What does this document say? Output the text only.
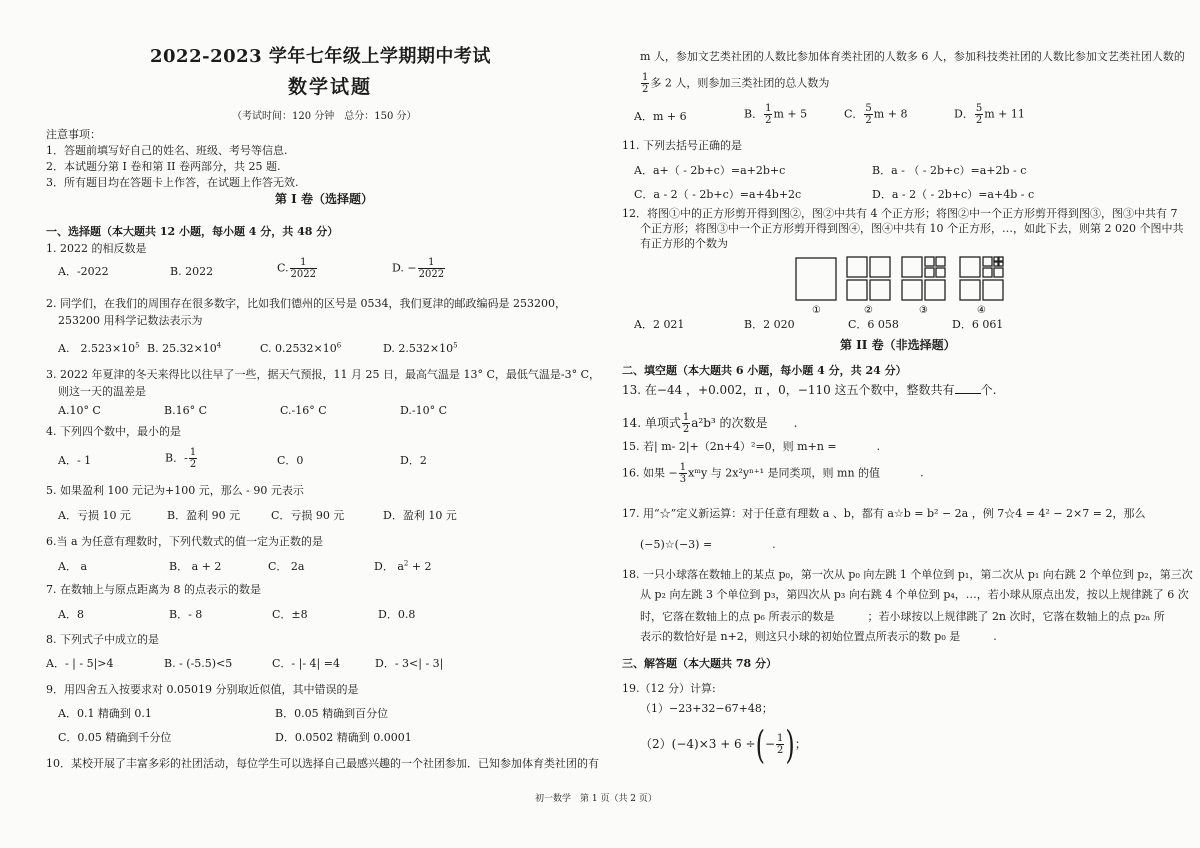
2022-2023 学年七年级上学期期中考试
数学试题
（考试时间：120 分钟　总分：150 分）
注意事项：
1．答题前填写好自己的姓名、班级、考号等信息.
2．本试题分第 I 卷和第 II 卷两部分，共 25 题.
3．所有题目均在答题卡上作答，在试题上作答无效.
第 I 卷（选择题）
一、选择题（本大题共 12 小题，每小题 4 分，共 48 分）
1. 2022 的相反数是
A．-2022	B. 2022	C. $\frac{1}{2022}$	D. − $\frac{1}{2022}$
2. 同学们，在我们的周围存在很多数字，比如我们德州的区号是 0534，我们夏津的邮政编码是 253200，
253200 用科学记数法表示为
A.　 $2.523\times 10^5$ B. $25.32\times 10^4$	C. $0.2532\times 10^6$	D. $2.532\times 10^5$
3. 2022 年夏津的冬天来得比以往早了一些，据天气预报，11 月 25 日，最高气温是 13° C，最低气温是-3° C，
则这一天的温差是
A.10° C	B.16° C	C.-16° C	D.-10° C
4. 下列四个数中，最小的是
A．- 1	B．- $\frac{1}{2}$	C．0	D．2
5. 如果盈利 100 元记为+100 元，那么 - 90 元表示
A．亏损 10 元	B．盈利 90 元	C．亏损 90 元	D．盈利 10 元
6.当 a 为任意有理数时，下列代数式的值一定为正数的是
A． a	B． a + 2	C． 2a	D． $a^2 + 2$
7. 在数轴上与原点距离为 8 的点表示的数是
A．8	B．- 8	C．±8	D．0.8
8. 下列式子中成立的是
A．- | - 5|>4	B. - (-5.5)<5	C．- |- 4| =4	D．- 3<| - 3|
9．用四舍五入按要求对 0.05019 分别取近似值，其中错误的是
A．0.1 精确到 0.1	B．0.05 精确到百分位
C．0.05 精确到千分位	D．0.0502 精确到 0.0001
10．某校开展了丰富多彩的社团活动，每位学生可以选择自己最感兴趣的一个社团参加．已知参加体育类社团的有
m 人，参加文艺类社团的人数比参加体育类社团的人数多 6 人，参加科技类社团的人数比参加文艺类社团人数的
$\frac{1}{2}$ 多 2 人，则参加三类社团的总人数为
A．m + 6	B． $\frac{1}{2}$ m + 5	C． $\frac{5}{2}$ m + 8	D． $\frac{5}{2}$ m + 11
11. 下列去括号正确的是
A．a+（ - 2b+c）=a+2b+c	B．a - （ - 2b+c）=a+2b - c
C．a - 2（ - 2b+c）=a+4b+2c	D．a - 2（ - 2b+c）=a+4b - c
12．将图①中的正方形剪开得到图②，图②中共有 4 个正方形；将图②中一个正方形剪开得到图③，图③中共有 7
个正方形；将图③中一个正方形剪开得到图④，图④中共有 10 个正方形，…，如此下去，则第 2 020 个图中共
有正方形的个数为
①	②	③	④
A．2 021	B．2 020	C．6 058	D．6 061
第 II 卷（非选择题）
二、填空题（本大题共 6 小题，每小题 4 分，共 24 分）
13. 在−44 ，+0.002，π ，0，−110 这五个数中，整数共有 个.
14. 单项式 $\frac{1}{2} a^2b^3$ 的次数是 .
15. 若| m- 2|+（2n+4）²=0，则 m+n =	.
16. 如果 − $\frac{1}{3}$ xᵐy 与 2x²yⁿ⁺¹ 是同类项，则 mn 的值	.
17. 用“☆”定义新运算：对于任意有理数 a 、b，都有 a☆b = b² − 2a ，例 7☆4 = 4² − 2×7 = 2，那么
(−5)☆(−3) =	.
18. 一只小球落在数轴上的某点 p₀，第一次从 p₀ 向左跳 1 个单位到 p₁，第二次从 p₁ 向右跳 2 个单位到 p₂，第三次
从 p₂ 向左跳 3 个单位到 p₃，第四次从 p₃ 向右跳 4 个单位到 p₄，…，若小球从原点出发，按以上规律跳了 6 次
时，它落在数轴上的点 p₆ 所表示的数是　　　；若小球按以上规律跳了 2n 次时，它落在数轴上的点 p₂ₙ 所
表示的数恰好是 n+2，则这只小球的初始位置点所表示的数 p₀ 是　　　.
三、解答题（本大题共 78 分）
19.（12 分）计算:
（1）−23+32−67+48；
（2）(−4)×3 + 6 ÷(− $\frac{1}{2}$ )；
初一数学　第 1 页（共 2 页）
